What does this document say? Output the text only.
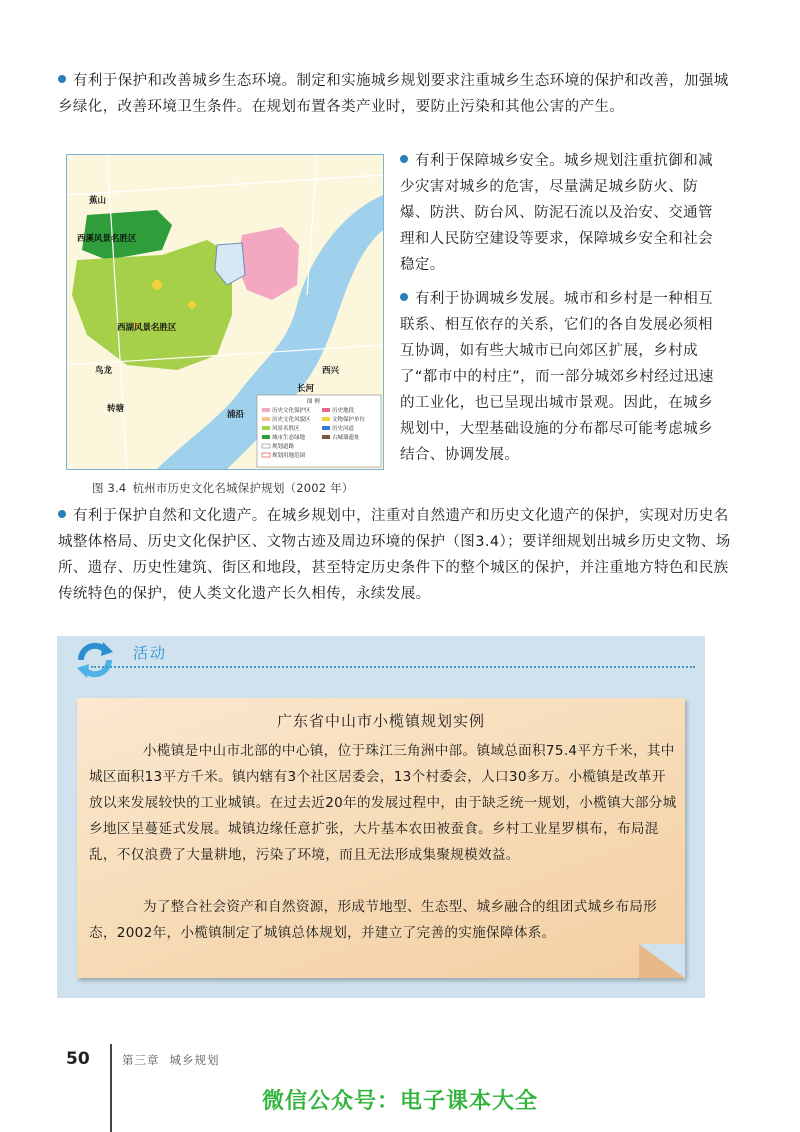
有利于保护和改善城乡生态环境。制定和实施城乡规划要求注重城乡生态环境的保护和改善，加强城乡绿化，改善环境卫生条件。在规划布置各类产业时，要防止污染和其他公害的产生。
蕉山
西溪风景名胜区
西湖风景名胜区
鸟龙
转塘
西兴
长河
浦沿
图 例
历史文化保护区	历史地段
历史文化风貌区	文物保护单位
风景名胜区	历史河道
城市生态绿地	古城墙遗址
规划道路
规划用地范围
图 3.4 杭州市历史文化名城保护规划（2002 年）
有利于保障城乡安全。城乡规划注重抗御和减少灾害对城乡的危害，尽量满足城乡防火、防爆、防洪、防台风、防泥石流以及治安、交通管理和人民防空建设等要求，保障城乡安全和社会稳定。
有利于协调城乡发展。城市和乡村是一种相互联系、相互依存的关系，它们的各自发展必须相互协调，如有些大城市已向郊区扩展，乡村成了“都市中的村庄”，而一部分城郊乡村经过迅速的工业化，也已呈现出城市景观。因此，在城乡规划中，大型基础设施的分布都尽可能考虑城乡结合、协调发展。
有利于保护自然和文化遗产。在城乡规划中，注重对自然遗产和历史文化遗产的保护，实现对历史名城整体格局、历史文化保护区、文物古迹及周边环境的保护（图3.4）；要详细规划出城乡历史文物、场所、遗存、历史性建筑、街区和地段，甚至特定历史条件下的整个城区的保护，并注重地方特色和民族传统特色的保护，使人类文化遗产长久相传，永续发展。
活动
广东省中山市小榄镇规划实例
小榄镇是中山市北部的中心镇，位于珠江三角洲中部。镇域总面积75.4平方千米，其中城区面积13平方千米。镇内辖有3个社区居委会，13个村委会，人口30多万。小榄镇是改革开放以来发展较快的工业城镇。在过去近20年的发展过程中，由于缺乏统一规划，小榄镇大部分城乡地区呈蔓延式发展。城镇边缘任意扩张，大片基本农田被蚕食。乡村工业星罗棋布，布局混乱，不仅浪费了大量耕地，污染了环境，而且无法形成集聚规模效益。
为了整合社会资产和自然资源，形成节地型、生态型、城乡融合的组团式城乡布局形态，2002年，小榄镇制定了城镇总体规划，并建立了完善的实施保障体系。
50	第三章 城乡规划
微信公众号：电子课本大全
